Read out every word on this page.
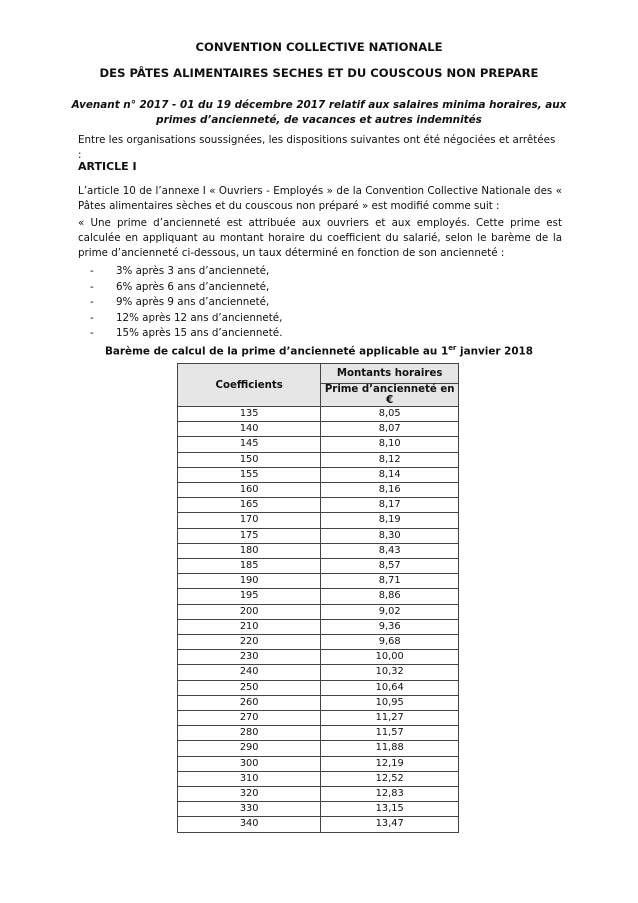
CONVENTION COLLECTIVE NATIONALE
DES PÂTES ALIMENTAIRES SECHES ET DU COUSCOUS NON PREPARE
Avenant n° 2017 - 01 du 19 décembre 2017 relatif aux salaires minima horaires, aux
primes d’ancienneté, de vacances et autres indemnités
Entre les organisations soussignées, les dispositions suivantes ont été négociées et arrêtées :
ARTICLE I
L’article 10 de l’annexe I « Ouvriers - Employés » de la Convention Collective Nationale des « Pâtes alimentaires sèches et du couscous non préparé » est modifié comme suit :
« Une prime d’ancienneté est attribuée aux ouvriers et aux employés. Cette prime est calculée en appliquant au montant horaire du coefficient du salarié, selon le barème de la prime d’ancienneté ci-dessous, un taux déterminé en fonction de son ancienneté :
- 3% après 3 ans d’ancienneté,
- 6% après 6 ans d’ancienneté,
- 9% après 9 ans d’ancienneté,
- 12% après 12 ans d’ancienneté,
- 15% après 15 ans d’ancienneté.
Barème de calcul de la prime d’ancienneté applicable au 1er janvier 2018
Coefficients	Montants horaires
	Prime d’ancienneté en €
135	8,05
140	8,07
145	8,10
150	8,12
155	8,14
160	8,16
165	8,17
170	8,19
175	8,30
180	8,43
185	8,57
190	8,71
195	8,86
200	9,02
210	9,36
220	9,68
230	10,00
240	10,32
250	10,64
260	10,95
270	11,27
280	11,57
290	11,88
300	12,19
310	12,52
320	12,83
330	13,15
340	13,47
